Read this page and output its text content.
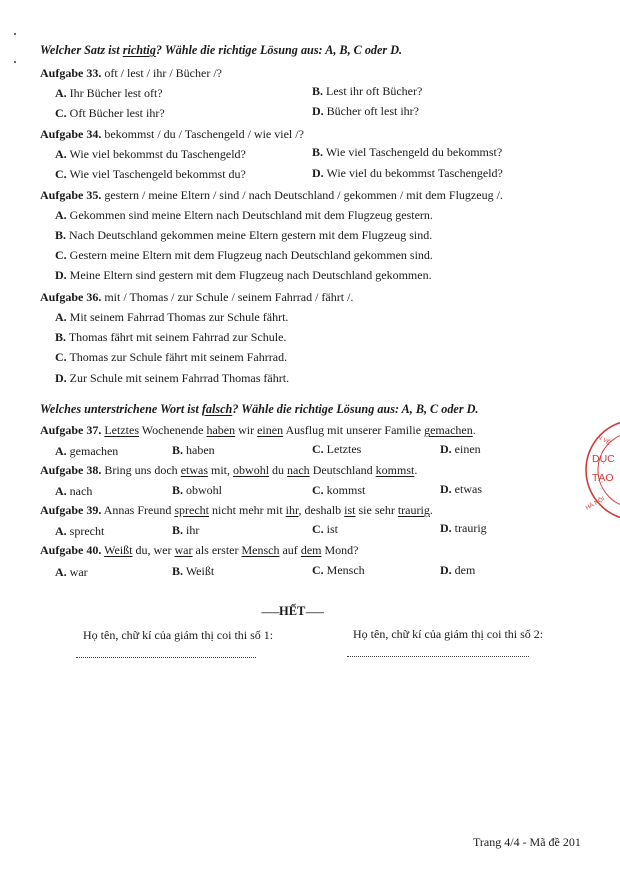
Welcher Satz ist richtig? Wähle die richtige Lösung aus: A, B, C oder D.
Aufgabe 33. oft / lest / ihr / Bücher /?
A. Ihr Bücher lest oft?	B. Lest ihr oft Bücher?
C. Oft Bücher lest ihr?	D. Bücher oft lest ihr?
Aufgabe 34. bekommst / du / Taschengeld / wie viel /?
A. Wie viel bekommst du Taschengeld?	B. Wie viel Taschengeld du bekommst?
C. Wie viel Taschengeld bekommst du?	D. Wie viel du bekommst Taschengeld?
Aufgabe 35. gestern / meine Eltern / sind / nach Deutschland / gekommen / mit dem Flugzeug /.
A. Gekommen sind meine Eltern nach Deutschland mit dem Flugzeug gestern.
B. Nach Deutschland gekommen meine Eltern gestern mit dem Flugzeug sind.
C. Gestern meine Eltern mit dem Flugzeug nach Deutschland gekommen sind.
D. Meine Eltern sind gestern mit dem Flugzeug nach Deutschland gekommen.
Aufgabe 36. mit / Thomas / zur Schule / seinem Fahrrad / fährt /.
A. Mit seinem Fahrrad Thomas zur Schule fährt.
B. Thomas fährt mit seinem Fahrrad zur Schule.
C. Thomas zur Schule fährt mit seinem Fahrrad.
D. Zur Schule mit seinem Fahrrad Thomas fährt.
Welches unterstrichene Wort ist falsch? Wähle die richtige Lösung aus: A, B, C oder D.
Aufgabe 37. Letztes Wochenende haben wir einen Ausflug mit unserer Familie gemachen.
A. gemachen	B. haben	C. Letztes	D. einen
Aufgabe 38. Bring uns doch etwas mit, obwohl du nach Deutschland kommst.
A. nach	B. obwohl	C. kommst	D. etwas
Aufgabe 39. Annas Freund sprecht nicht mehr mit ihr, deshalb ist sie sehr traurig.
A. sprecht	B. ihr	C. ist	D. traurig
Aufgabe 40. Weißt du, wer war als erster Mensch auf dem Mond?
A. war	B. Weißt	C. Mensch	D. dem
---------HẾT---------
Họ tên, chữ kí của giám thị coi thi số 1:	Họ tên, chữ kí của giám thị coi thi số 2:
DỤC
TẠO
N VỆ
HÀ NỘI
Trang 4/4 - Mã đề 201
